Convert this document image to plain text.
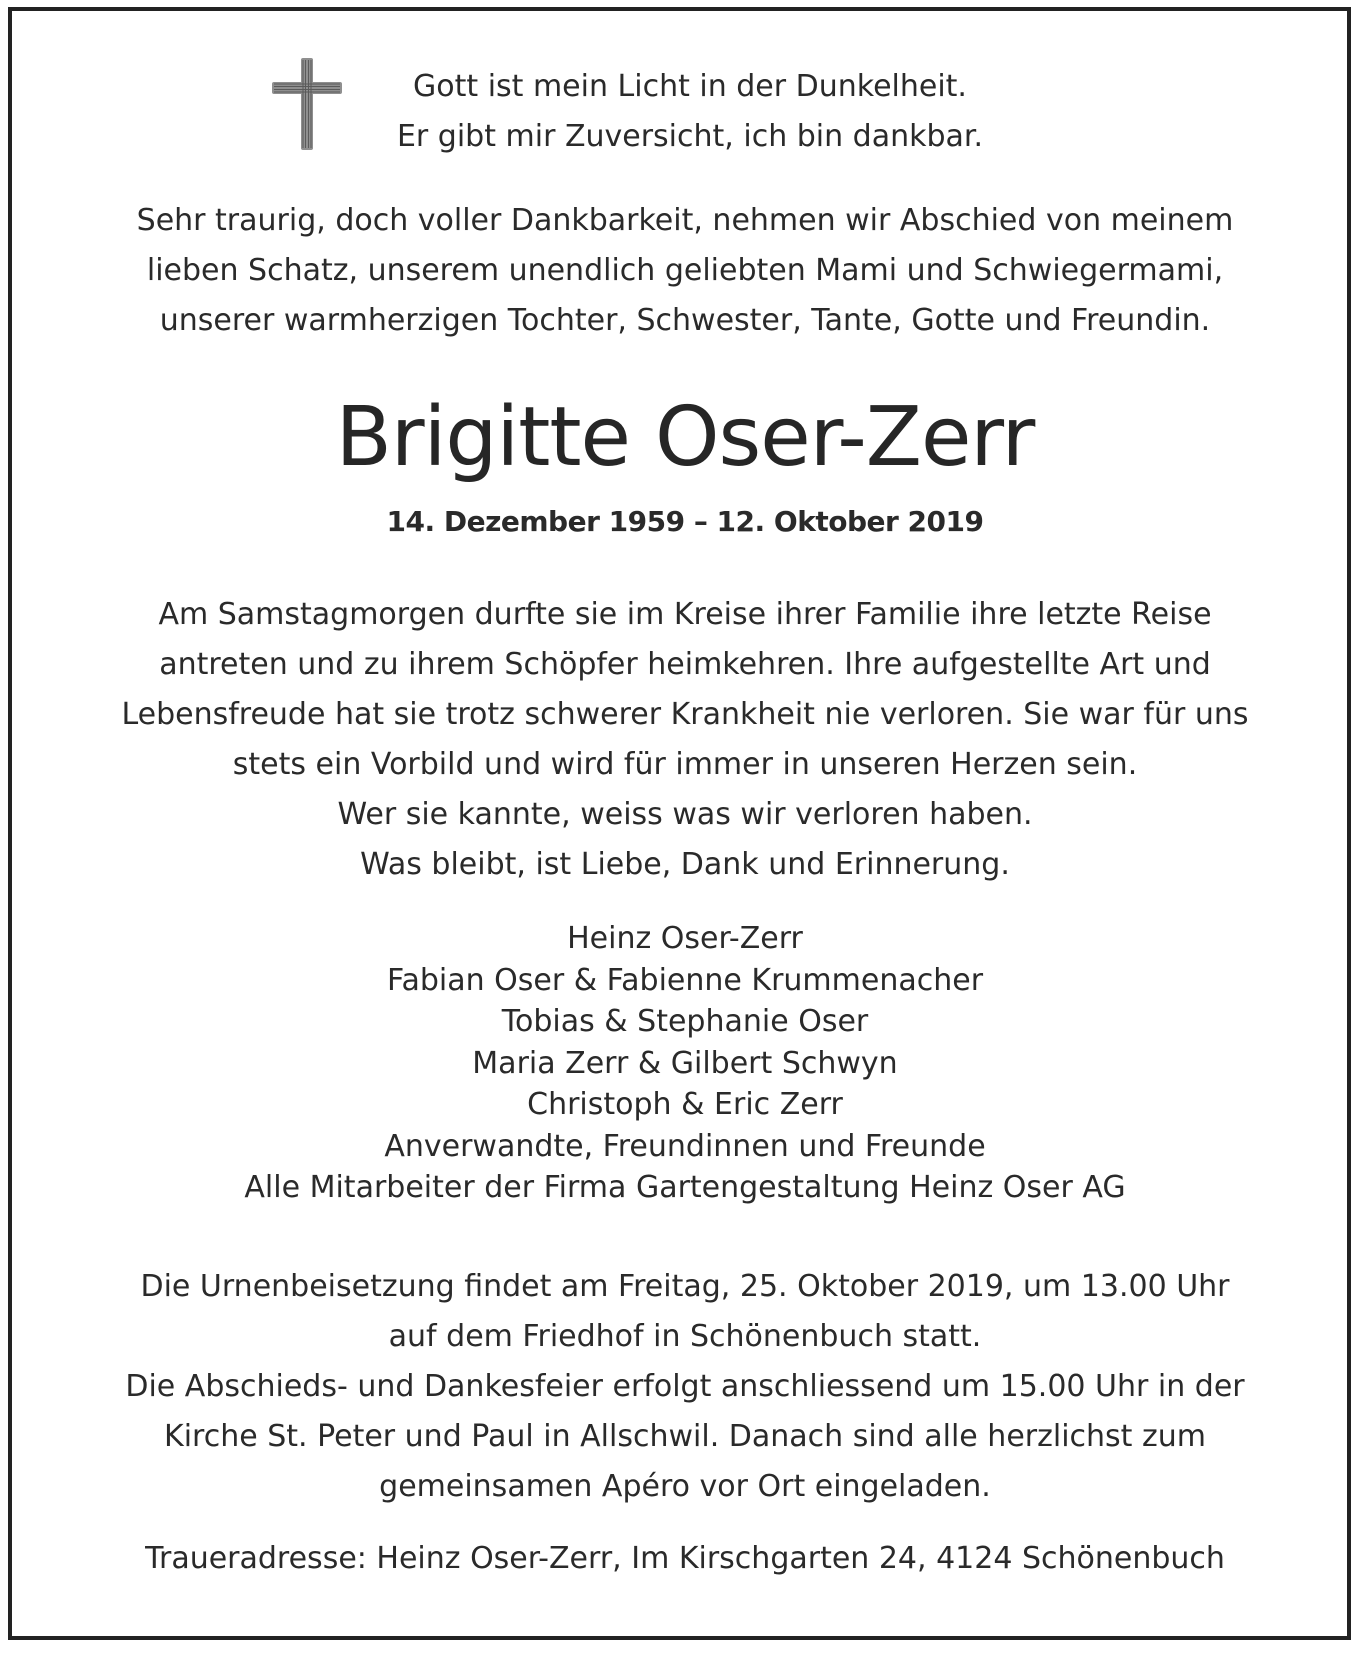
Gott ist mein Licht in der Dunkelheit.
Er gibt mir Zuversicht, ich bin dankbar.
Sehr traurig, doch voller Dankbarkeit, nehmen wir Abschied von meinem
lieben Schatz, unserem unendlich geliebten Mami und Schwiegermami,
unserer warmherzigen Tochter, Schwester, Tante, Gotte und Freundin.
Brigitte Oser-Zerr
14. Dezember 1959 – 12. Oktober 2019
Am Samstagmorgen durfte sie im Kreise ihrer Familie ihre letzte Reise
antreten und zu ihrem Schöpfer heimkehren. Ihre aufgestellte Art und
Lebensfreude hat sie trotz schwerer Krankheit nie verloren. Sie war für uns
stets ein Vorbild und wird für immer in unseren Herzen sein.
Wer sie kannte, weiss was wir verloren haben.
Was bleibt, ist Liebe, Dank und Erinnerung.
Heinz Oser-Zerr
Fabian Oser & Fabienne Krummenacher
Tobias & Stephanie Oser
Maria Zerr & Gilbert Schwyn
Christoph & Eric Zerr
Anverwandte, Freundinnen und Freunde
Alle Mitarbeiter der Firma Gartengestaltung Heinz Oser AG
Die Urnenbeisetzung findet am Freitag, 25. Oktober 2019, um 13.00 Uhr
auf dem Friedhof in Schönenbuch statt.
Die Abschieds- und Dankesfeier erfolgt anschliessend um 15.00 Uhr in der
Kirche St. Peter und Paul in Allschwil. Danach sind alle herzlichst zum
gemeinsamen Apéro vor Ort eingeladen.
Traueradresse: Heinz Oser-Zerr, Im Kirschgarten 24, 4124 Schönenbuch
